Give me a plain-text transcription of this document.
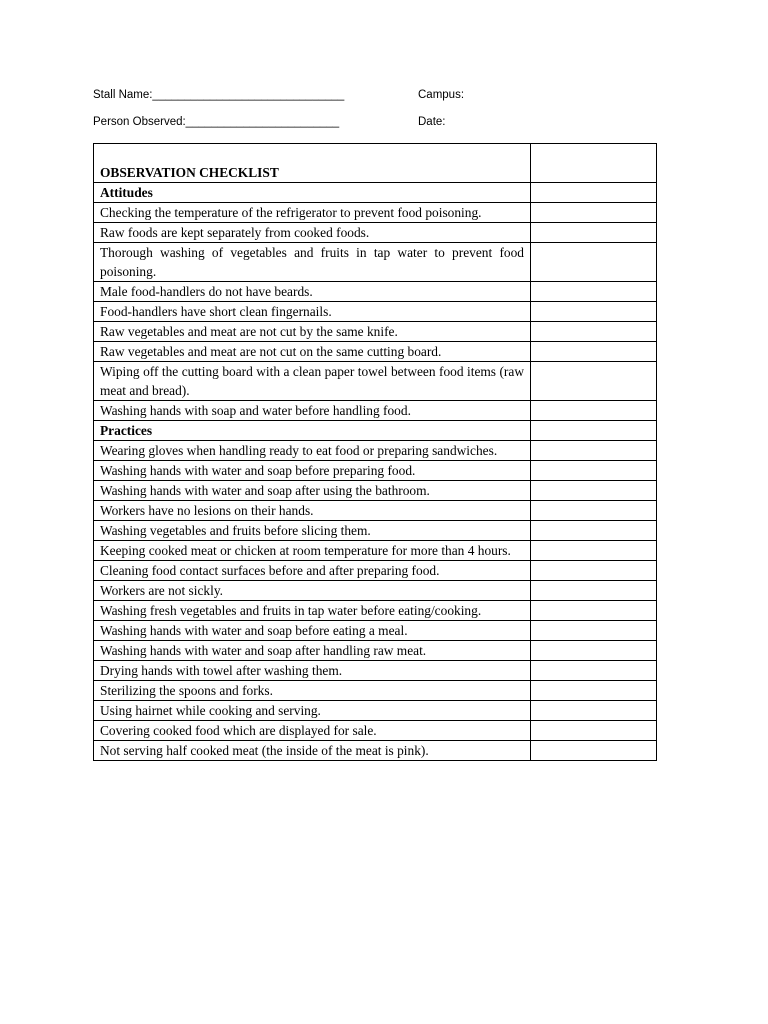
Stall Name:______________________________	Campus:
Person Observed:________________________	Date:
OBSERVATION CHECKLIST	
Attitudes	
Checking the temperature of the refrigerator to prevent food poisoning.	
Raw foods are kept separately from cooked foods.	
Thorough washing of vegetables and fruits in tap water to prevent food poisoning.	
Male food-handlers do not have beards.	
Food-handlers have short clean fingernails.	
Raw vegetables and meat are not cut by the same knife.	
Raw vegetables and meat are not cut on the same cutting board.	
Wiping off the cutting board with a clean paper towel between food items (raw meat and bread).	
Washing hands with soap and water before handling food.	
Practices	
Wearing gloves when handling ready to eat food or preparing sandwiches.	
Washing hands with water and soap before preparing food.	
Washing hands with water and soap after using the bathroom.	
Workers have no lesions on their hands.	
Washing vegetables and fruits before slicing them.	
Keeping cooked meat or chicken at room temperature for more than 4 hours.	
Cleaning food contact surfaces before and after preparing food.	
Workers are not sickly.	
Washing fresh vegetables and fruits in tap water before eating/cooking.	
Washing hands with water and soap before eating a meal.	
Washing hands with water and soap after handling raw meat.	
Drying hands with towel after washing them.	
Sterilizing the spoons and forks.	
Using hairnet while cooking and serving.	
Covering cooked food which are displayed for sale.	
Not serving half cooked meat (the inside of the meat is pink).	
